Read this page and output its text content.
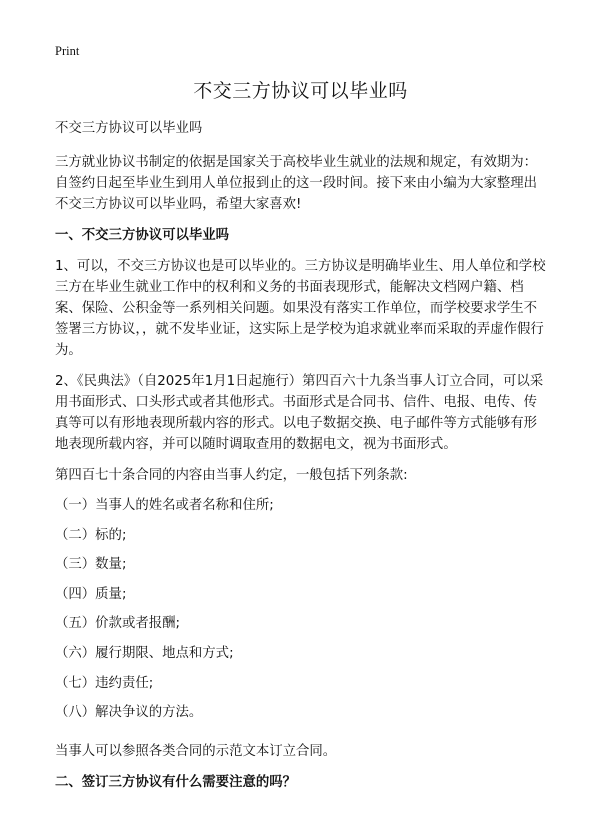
Print
不交三方协议可以毕业吗

不交三方协议可以毕业吗

三方就业协议书制定的依据是国家关于高校毕业生就业的法规和规定，有效期为：自签约日起至毕业生到用人单位报到止的这一段时间。接下来由小编为大家整理出不交三方协议可以毕业吗，希望大家喜欢!

一、不交三方协议可以毕业吗

1、可以，不交三方协议也是可以毕业的。三方协议是明确毕业生、用人单位和学校三方在毕业生就业工作中的权利和义务的书面表现形式，能解决文档网户籍、档案、保险、公积金等一系列相关问题。如果没有落实工作单位，而学校要求学生不签署三方协议，，就不发毕业证，这实际上是学校为追求就业率而采取的弄虚作假行为。

2、《民典法》（自2025年1月1日起施行）第四百六十九条当事人订立合同，可以采用书面形式、口头形式或者其他形式。书面形式是合同书、信件、电报、电传、传真等可以有形地表现所载内容的形式。以电子数据交换、电子邮件等方式能够有形地表现所载内容，并可以随时调取查用的数据电文，视为书面形式。

第四百七十条合同的内容由当事人约定，一般包括下列条款:

（一）当事人的姓名或者名称和住所;

（二）标的;

（三）数量;

（四）质量;

（五）价款或者报酬;

（六）履行期限、地点和方式;

（七）违约责任;

（八）解决争议的方法。

当事人可以参照各类合同的示范文本订立合同。

二、签订三方协议有什么需要注意的吗？
